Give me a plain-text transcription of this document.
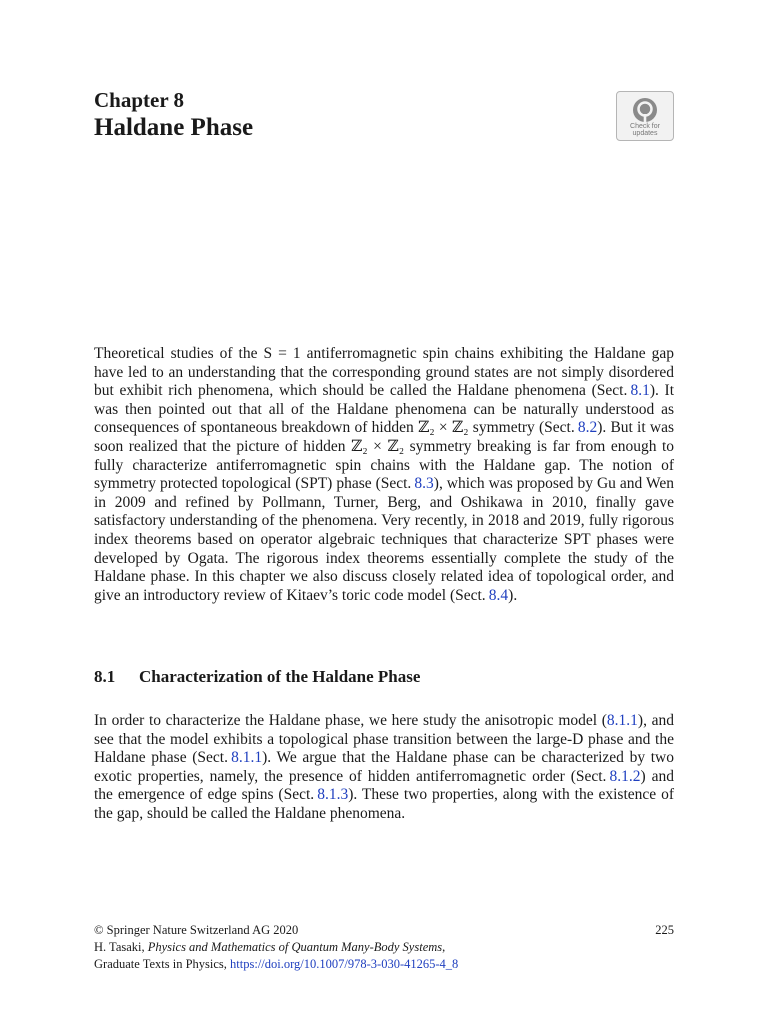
Chapter 8
Haldane Phase	Check for
updates

Theoretical studies of the S = 1 antiferromagnetic spin chains exhibiting the Haldane gap have led to an understanding that the corresponding ground states are not simply disordered but exhibit rich phenomena, which should be called the Haldane phenomena (Sect. 8.1). It was then pointed out that all of the Haldane phenomena can be naturally understood as consequences of spontaneous breakdown of hidden ℤ₂ × ℤ₂ symmetry (Sect. 8.2). But it was soon realized that the picture of hidden ℤ₂ × ℤ₂ symmetry breaking is far from enough to fully characterize antiferromagnetic spin chains with the Haldane gap. The notion of symmetry protected topological (SPT) phase (Sect. 8.3), which was proposed by Gu and Wen in 2009 and refined by Pollmann, Turner, Berg, and Oshikawa in 2010, finally gave satisfactory understanding of the phenomena. Very recently, in 2018 and 2019, fully rigorous index theorems based on operator algebraic techniques that characterize SPT phases were developed by Ogata. The rigorous index theorems essentially complete the study of the Haldane phase. In this chapter we also discuss closely related idea of topological order, and give an introductory review of Kitaev’s toric code model (Sect. 8.4).

8.1 Characterization of the Haldane Phase

In order to characterize the Haldane phase, we here study the anisotropic model (8.1.1), and see that the model exhibits a topological phase transition between the large-D phase and the Haldane phase (Sect. 8.1.1). We argue that the Haldane phase can be characterized by two exotic properties, namely, the presence of hidden antiferromagnetic order (Sect. 8.1.2) and the emergence of edge spins (Sect. 8.1.3). These two properties, along with the existence of the gap, should be called the Haldane phenomena.

© Springer Nature Switzerland AG 2020	225
H. Tasaki, Physics and Mathematics of Quantum Many-Body Systems,
Graduate Texts in Physics, https://doi.org/10.1007/978-3-030-41265-4_8
